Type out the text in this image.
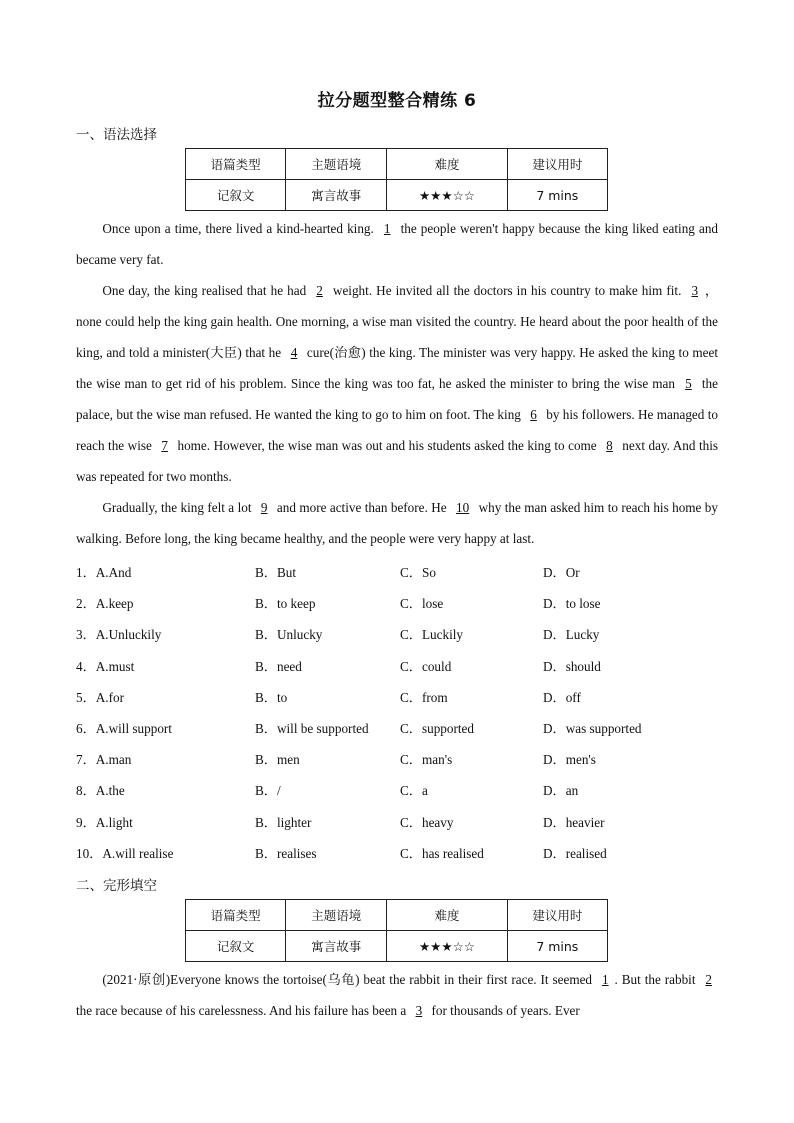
拉分题型整合精练 6
一、语法选择
语篇类型	主题语境	难度	建议用时
记叙文	寓言故事	★★★☆☆	7 mins

Once upon a time, there lived a kind-hearted king. 1 the people weren't happy because the king liked eating and became very fat.

One day, the king realised that he had 2 weight. He invited all the doctors in his country to make him fit. 3 ， none could help the king gain health. One morning, a wise man visited the country. He heard about the poor health of the king, and told a minister(大臣) that he 4 cure(治愈) the king. The minister was very happy. He asked the king to meet the wise man to get rid of his problem. Since the king was too fat, he asked the minister to bring the wise man 5 the palace, but the wise man refused. He wanted the king to go to him on foot. The king 6 by his followers. He managed to reach the wise 7 home. However, the wise man was out and his students asked the king to come 8 next day. And this was repeated for two months.

Gradually, the king felt a lot 9 and more active than before. He 10 why the man asked him to reach his home by walking. Before long, the king became healthy, and the people were very happy at last.

1．A.And	B．But	C．So	D．Or
2．A.keep	B．to keep	C．lose	D．to lose
3．A.Unluckily	B．Unlucky	C．Luckily	D．Lucky
4．A.must	B．need	C．could	D．should
5．A.for	B．to	C．from	D．off
6．A.will support	B．will be supported C．supported	D．was supported
7．A.man	B．men	C．man's	D．men's
8．A.the	B．/	C．a	D．an
9．A.light	B．lighter	C．heavy	D．heavier
10．A.will realise	B．realises	C．has realised	D．realised
二、完形填空
语篇类型	主题语境	难度	建议用时
记叙文	寓言故事	★★★☆☆	7 mins

(2021·原创)Everyone knows the tortoise(乌龟) beat the rabbit in their first race. It seemed 1 . But the rabbit 2 the race because of his carelessness. And his failure has been a 3 for thousands of years. Ever
